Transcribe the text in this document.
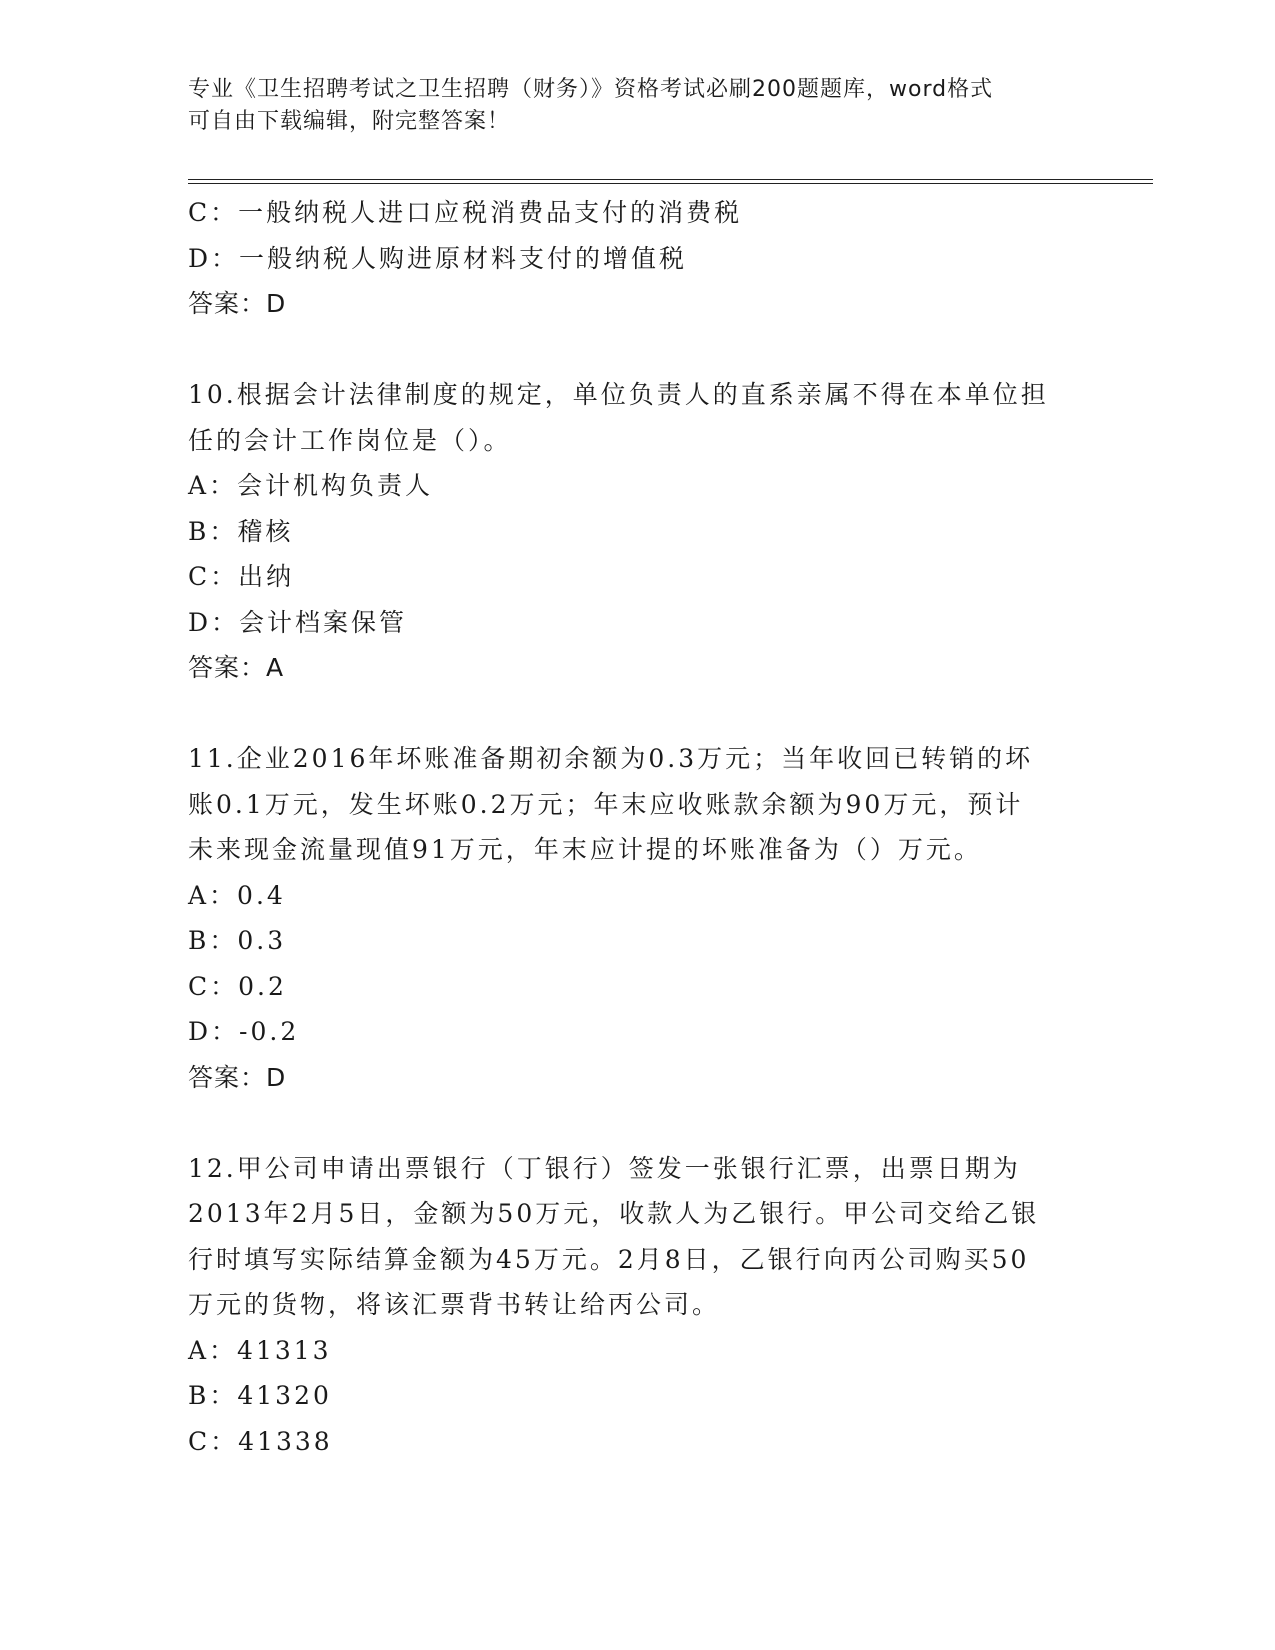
专业《卫生招聘考试之卫生招聘（财务）》资格考试必刷200题题库，word格式
可自由下载编辑，附完整答案！
C：一般纳税人进口应税消费品支付的消费税
D：一般纳税人购进原材料支付的增值税
答案：D
10.根据会计法律制度的规定，单位负责人的直系亲属不得在本单位担
任的会计工作岗位是（）。
A：会计机构负责人
B：稽核
C：出纳
D：会计档案保管
答案：A
11.企业2016年坏账准备期初余额为0.3万元；当年收回已转销的坏
账0.1万元，发生坏账0.2万元；年末应收账款余额为90万元，预计
未来现金流量现值91万元，年末应计提的坏账准备为（）万元。
A：0.4
B：0.3
C：0.2
D：-0.2
答案：D
12.甲公司申请出票银行（丁银行）签发一张银行汇票，出票日期为
2013年2月5日，金额为50万元，收款人为乙银行。甲公司交给乙银
行时填写实际结算金额为45万元。2月8日，乙银行向丙公司购买50
万元的货物，将该汇票背书转让给丙公司。
A：41313
B：41320
C：41338
